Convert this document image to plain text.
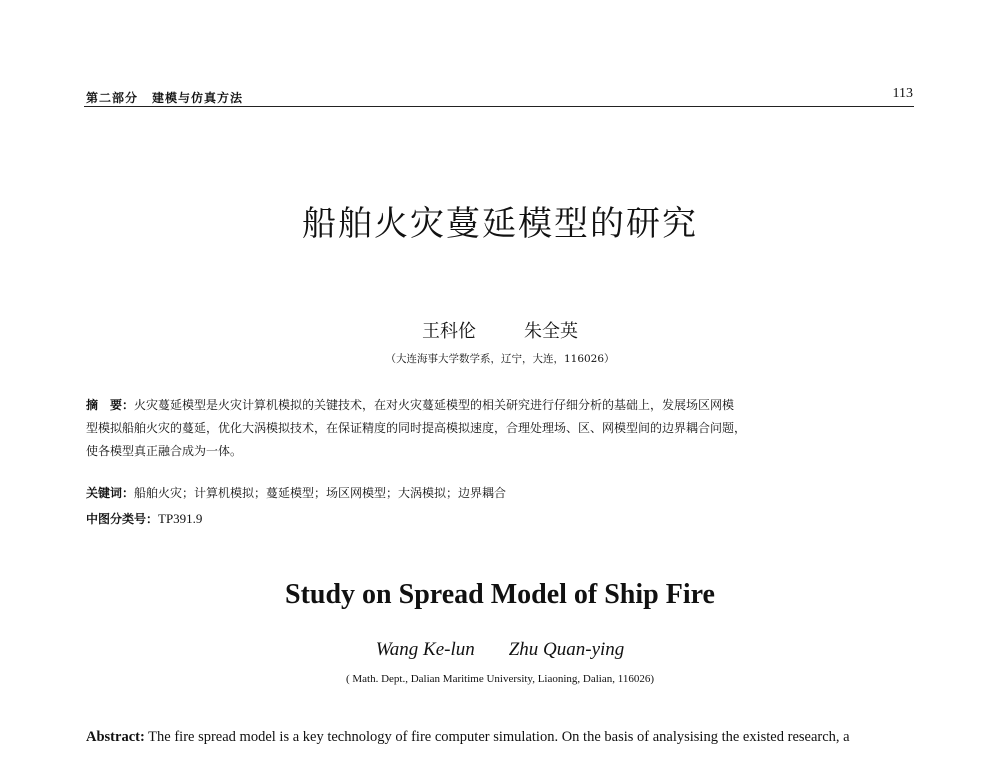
第二部分 建模与仿真方法	113
船舶火灾蔓延模型的研究
王科伦	朱全英
（大连海事大学数学系，辽宁，大连，116026）
摘　要：火灾蔓延模型是火灾计算机模拟的关键技术，在对火灾蔓延模型的相关研究进行仔细分析的基础上，发展场区网模
型模拟船舶火灾的蔓延，优化大涡模拟技术，在保证精度的同时提高模拟速度，合理处理场、区、网模型间的边界耦合问题，
使各模型真正融合成为一体。
关键词：船舶火灾；计算机模拟；蔓延模型；场区网模型；大涡模拟；边界耦合
中图分类号：TP391.9
Study on Spread Model of Ship Fire
Wang Ke-lun Zhu Quan-ying
( Math. Dept., Dalian Maritime University, Liaoning, Dalian, 116026)
Abstract: The fire spread model is a key technology of fire computer simulation. On the basis of analysising the existed research, a
